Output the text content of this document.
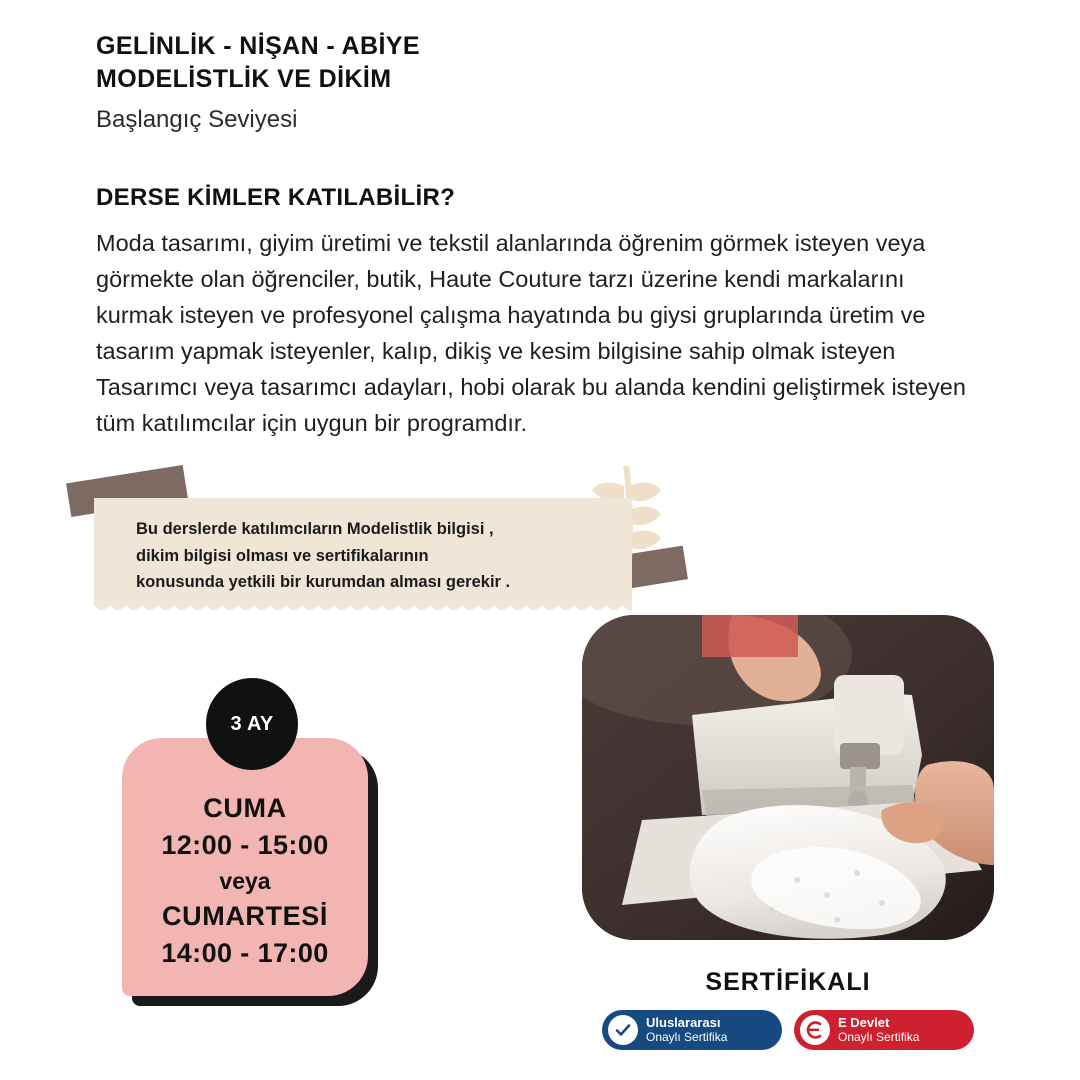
GELİNLİK - NİŞAN - ABİYE
MODELİSTLİK VE DİKİM
Başlangıç Seviyesi
DERSE KİMLER KATILABİLİR?
Moda tasarımı, giyim üretimi ve tekstil alanlarında öğrenim görmek isteyen veya görmekte olan öğrenciler, butik, Haute Couture tarzı üzerine kendi markalarını kurmak isteyen ve profesyonel çalışma hayatında bu giysi gruplarında üretim ve tasarım yapmak isteyenler, kalıp, dikiş ve kesim bilgisine sahip olmak isteyen Tasarımcı veya tasarımcı adayları, hobi olarak bu alanda kendini geliştirmek isteyen tüm katılımcılar için uygun bir programdır.
Bu derslerde katılımcıların Modelistlik bilgisi ,
dikim bilgisi olması ve sertifikalarının
konusunda yetkili bir kurumdan alması gerekir .
CUMA
12:00 - 15:00
veya
CUMARTESİ
14:00 - 17:00
3 AY
SERTİFİKALI
Uluslararası
Onaylı Sertifika
E Devlet
Onaylı Sertifika
